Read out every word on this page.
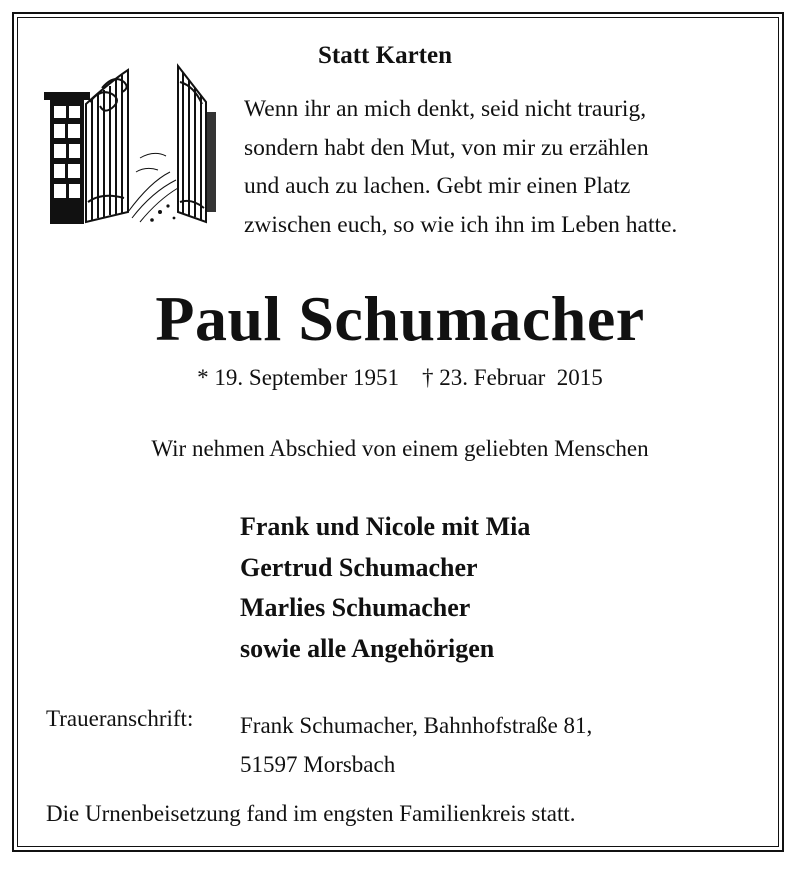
Statt Karten
Wenn ihr an mich denkt, seid nicht traurig,
sondern habt den Mut, von mir zu erzählen
und auch zu lachen. Gebt mir einen Platz
zwischen euch, so wie ich ihn im Leben hatte.
Paul Schumacher
* 19. September 1951    † 23. Februar  2015
Wir nehmen Abschied von einem geliebten Menschen
Frank und Nicole mit Mia
Gertrud Schumacher
Marlies Schumacher
sowie alle Angehörigen
Traueranschrift: Frank Schumacher, Bahnhofstraße 81,
51597 Morsbach
Die Urnenbeisetzung fand im engsten Familienkreis statt.
